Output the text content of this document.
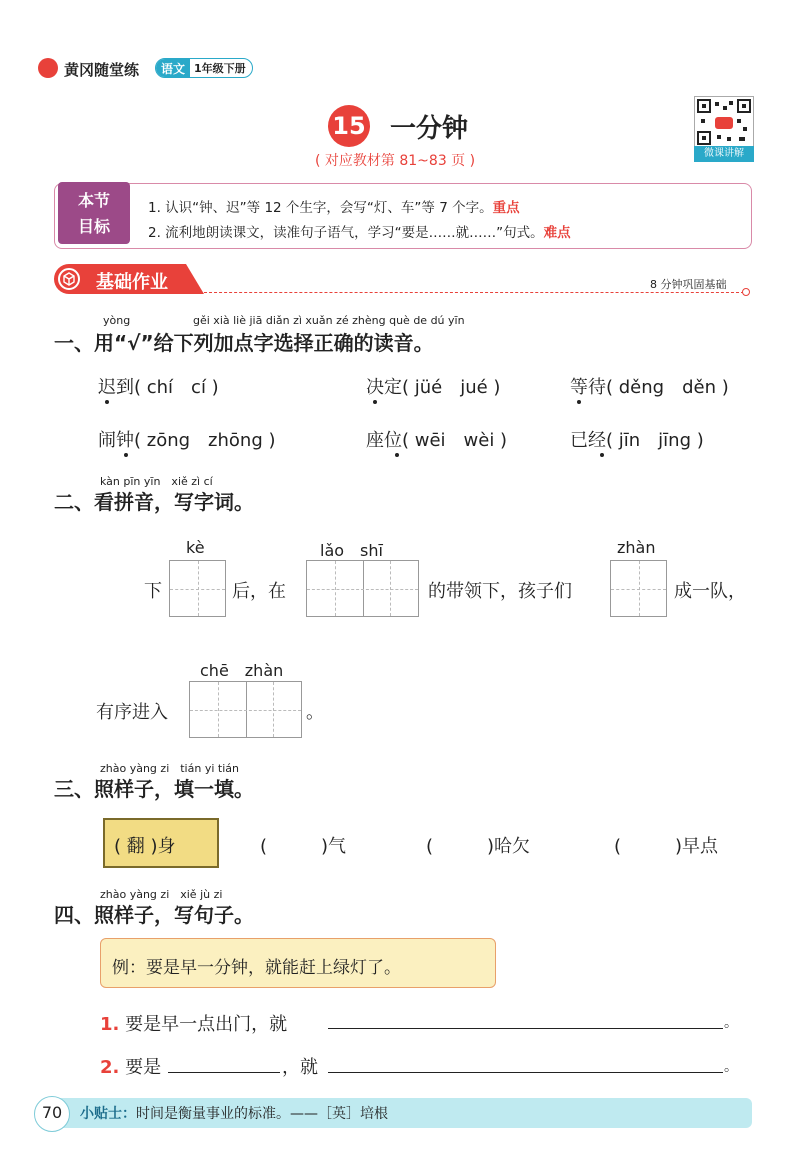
黄冈随堂练	语文 1年级下册
15 一分钟
( 对应教材第 81~83 页 )	微课讲解
本节
目标
1. 认识“钟、迟”等 12 个生字，会写“灯、车”等 7 个字。重点
2. 流利地朗读课文，读准句子语气，学习“要是……就……”句式。难点
基础作业	8 分钟巩固基础
yòng	gěi xià liè jiā diǎn zì xuǎn zé zhèng què de dú yīn
一、用“√”给下列加点字选择正确的读音。
迟到( chí　cí )	决定( jüé　jué )	等待( děng　děn )
闹钟( zōng　zhōng )	座位( wēi　wèi )	已经( jīn　jīng )
kàn pīn yīn　xiě zì cí
二、看拼音，写字词。
kè	lǎo　shī	zhàn
下	后，在	的带领下，孩子们	成一队，
chē　zhàn
有序进入	。
zhào yàng zi　tián yi tián
三、照样子，填一填。
( 翻 )身	(　　　)气	(　　　)哈欠	(　　　)早点
zhào yàng zi　xiě jù zi
四、照样子，写句子。
例：要是早一分钟，就能赶上绿灯了。
1. 要是早一点出门，就	。
2. 要是	，就	。
70	小贴士：时间是衡量事业的标准。——［英］培根
